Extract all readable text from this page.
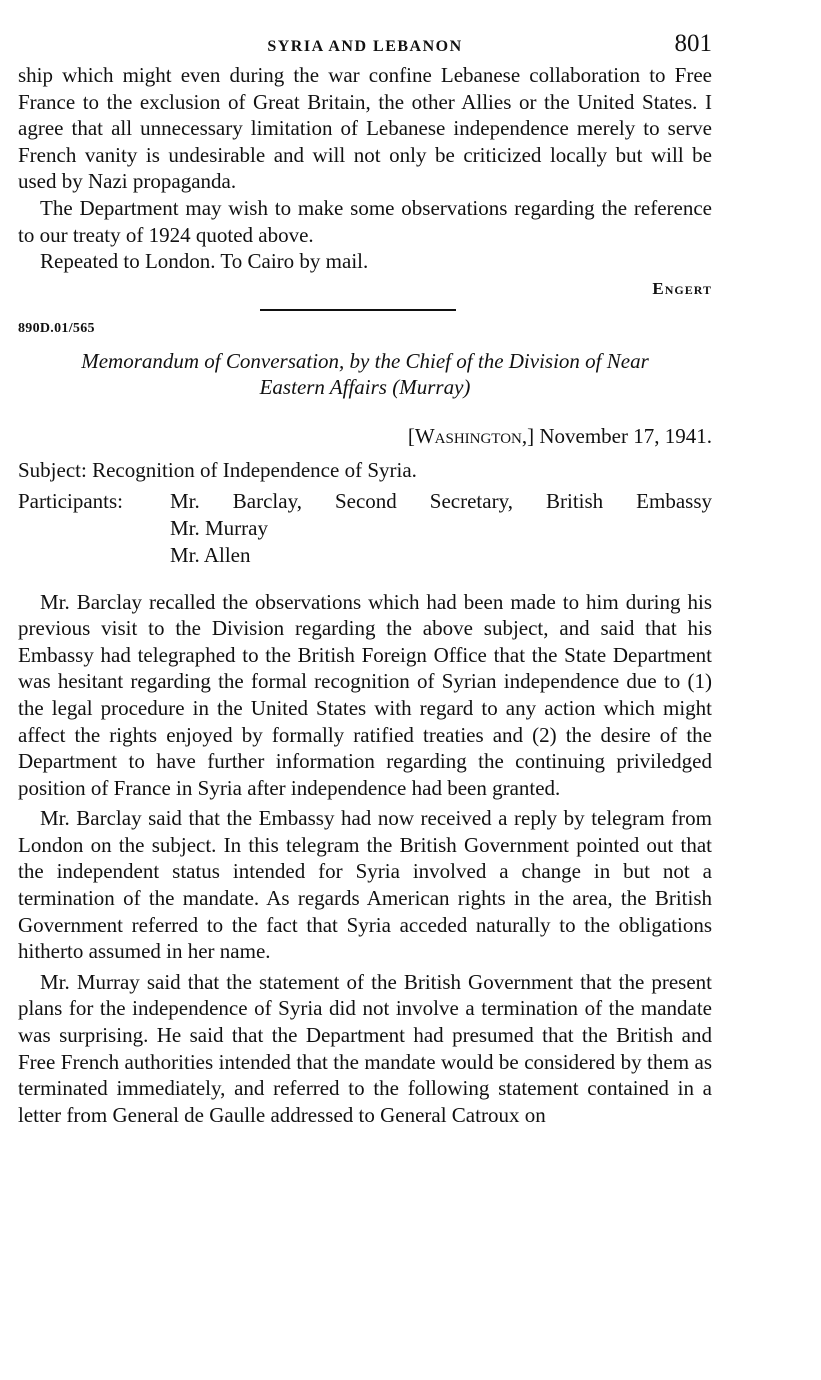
SYRIA AND LEBANON	801

ship which might even during the war confine Lebanese collaboration to Free France to the exclusion of Great Britain, the other Allies or the United States. I agree that all unnecessary limitation of Lebanese independence merely to serve French vanity is undesirable and will not only be criticized locally but will be used by Nazi propaganda.

The Department may wish to make some observations regarding the reference to our treaty of 1924 quoted above.

Repeated to London. To Cairo by mail.

Engert
890D.01/565
Memorandum of Conversation, by the Chief of the Division of Near
Eastern Affairs (Murray)
[Washington,] November 17, 1941.
Subject: Recognition of Independence of Syria.
Participants:	Mr. Barclay, Second Secretary, British Embassy
Mr. Murray
Mr. Allen

Mr. Barclay recalled the observations which had been made to him during his previous visit to the Division regarding the above subject, and said that his Embassy had telegraphed to the British Foreign Office that the State Department was hesitant regarding the formal recognition of Syrian independence due to (1) the legal procedure in the United States with regard to any action which might affect the rights enjoyed by formally ratified treaties and (2) the desire of the Department to have further information regarding the continuing priviledged position of France in Syria after independence had been granted.

Mr. Barclay said that the Embassy had now received a reply by telegram from London on the subject. In this telegram the British Government pointed out that the independent status intended for Syria involved a change in but not a termination of the mandate. As regards American rights in the area, the British Government referred to the fact that Syria acceded naturally to the obligations hitherto assumed in her name.

Mr. Murray said that the statement of the British Government that the present plans for the independence of Syria did not involve a termination of the mandate was surprising. He said that the Department had presumed that the British and Free French authorities intended that the mandate would be considered by them as terminated immediately, and referred to the following statement contained in a letter from General de Gaulle addressed to General Catroux on
